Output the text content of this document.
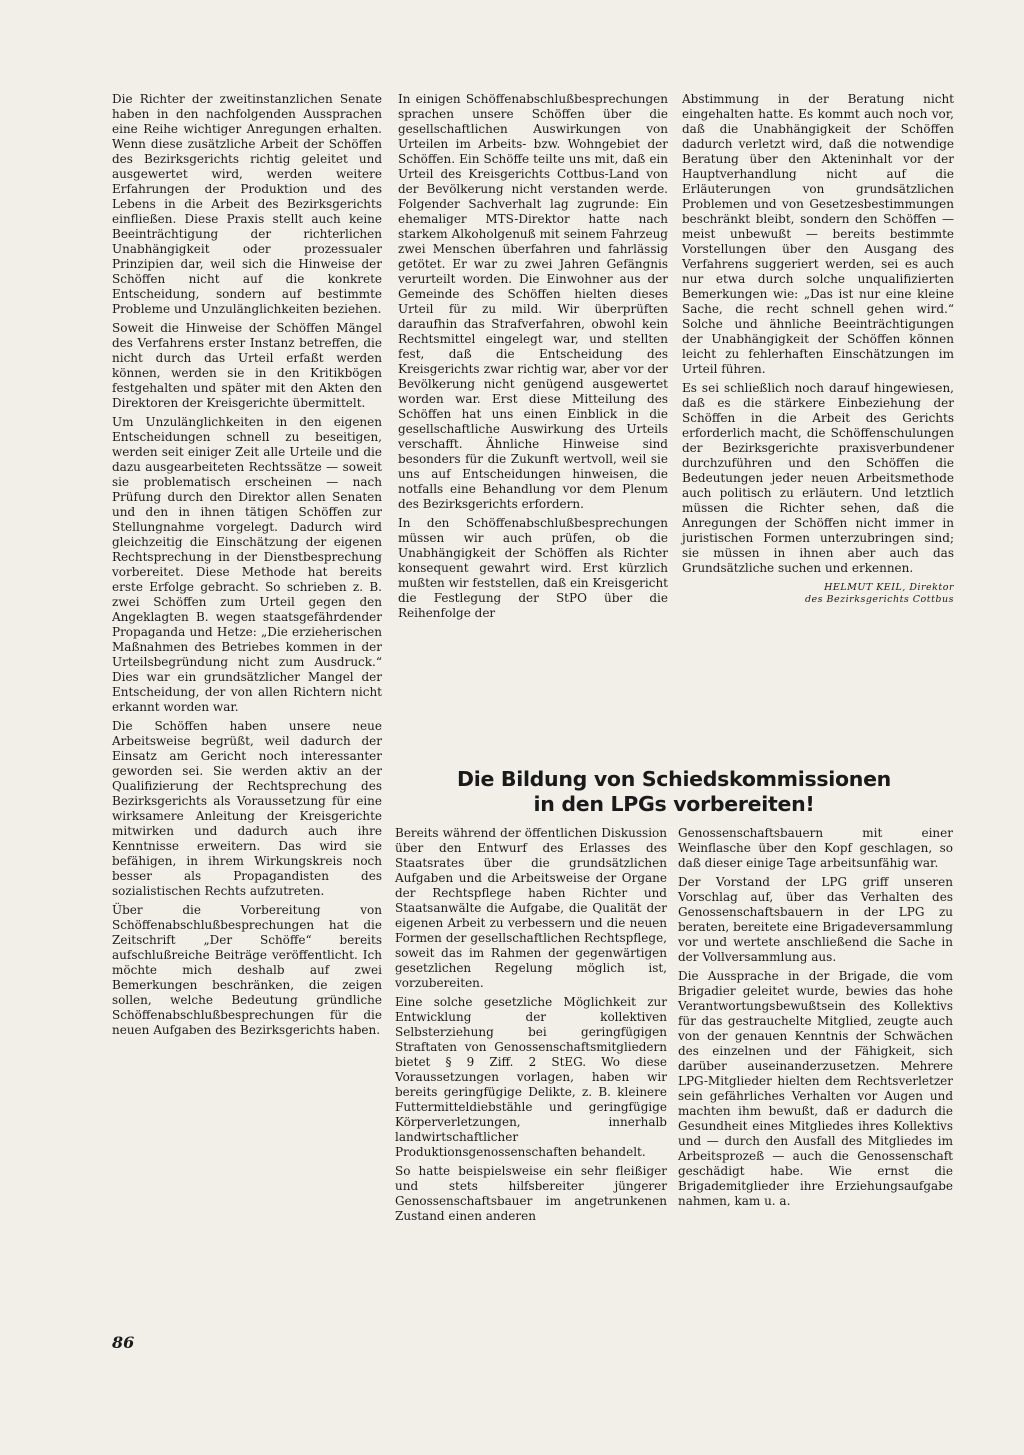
Die Richter der zweitinstanzlichen Senate haben in den nachfolgenden Aussprachen eine Reihe wichtiger Anregungen erhalten. Wenn diese zusätzliche Arbeit der Schöffen des Bezirksgerichts richtig geleitet und ausgewertet wird, werden weitere Erfahrungen der Produktion und des Lebens in die Arbeit des Bezirksgerichts einfließen. Diese Praxis stellt auch keine Beeinträchtigung der richterlichen Unabhängigkeit oder prozessualer Prinzipien dar, weil sich die Hinweise der Schöffen nicht auf die konkrete Entscheidung, sondern auf bestimmte Probleme und Unzulänglichkeiten beziehen.

Soweit die Hinweise der Schöffen Mängel des Verfahrens erster Instanz betreffen, die nicht durch das Urteil erfaßt werden können, werden sie in den Kritikbögen festgehalten und später mit den Akten den Direktoren der Kreisgerichte übermittelt.

Um Unzulänglichkeiten in den eigenen Entscheidungen schnell zu beseitigen, werden seit einiger Zeit alle Urteile und die dazu ausgearbeiteten Rechtssätze — soweit sie problematisch erscheinen — nach Prüfung durch den Direktor allen Senaten und den in ihnen tätigen Schöffen zur Stellungnahme vorgelegt. Dadurch wird gleichzeitig die Einschätzung der eigenen Rechtsprechung in der Dienstbesprechung vorbereitet. Diese Methode hat bereits erste Erfolge gebracht. So schrieben z. B. zwei Schöffen zum Urteil gegen den Angeklagten B. wegen staatsgefährdender Propaganda und Hetze: „Die erzieherischen Maßnahmen des Betriebes kommen in der Urteilsbegründung nicht zum Ausdruck.“ Dies war ein grundsätzlicher Mangel der Entscheidung, der von allen Richtern nicht erkannt worden war.

Die Schöffen haben unsere neue Arbeitsweise begrüßt, weil dadurch der Einsatz am Gericht noch interessanter geworden sei. Sie werden aktiv an der Qualifizierung der Rechtsprechung des Bezirksgerichts als Voraussetzung für eine wirksamere Anleitung der Kreisgerichte mitwirken und dadurch auch ihre Kenntnisse erweitern. Das wird sie befähigen, in ihrem Wirkungskreis noch besser als Propagandisten des sozialistischen Rechts aufzutreten.

Über die Vorbereitung von Schöffenabschlußbesprechungen hat die Zeitschrift „Der Schöffe“ bereits aufschlußreiche Beiträge veröffentlicht. Ich möchte mich deshalb auf zwei Bemerkungen beschränken, die zeigen sollen, welche Bedeutung gründliche Schöffenabschlußbesprechungen für die neuen Aufgaben des Bezirksgerichts haben.

In einigen Schöffenabschlußbesprechungen sprachen unsere Schöffen über die gesellschaftlichen Auswirkungen von Urteilen im Arbeits- bzw. Wohngebiet der Schöffen. Ein Schöffe teilte uns mit, daß ein Urteil des Kreisgerichts Cottbus-Land von der Bevölkerung nicht verstanden werde. Folgender Sachverhalt lag zugrunde: Ein ehemaliger MTS-Direktor hatte nach starkem Alkoholgenuß mit seinem Fahrzeug zwei Menschen überfahren und fahrlässig getötet. Er war zu zwei Jahren Gefängnis verurteilt worden. Die Einwohner aus der Gemeinde des Schöffen hielten dieses Urteil für zu mild. Wir überprüften daraufhin das Strafverfahren, obwohl kein Rechtsmittel eingelegt war, und stellten fest, daß die Entscheidung des Kreisgerichts zwar richtig war, aber vor der Bevölkerung nicht genügend ausgewertet worden war. Erst diese Mitteilung des Schöffen hat uns einen Einblick in die gesellschaftliche Auswirkung des Urteils verschafft. Ähnliche Hinweise sind besonders für die Zukunft wertvoll, weil sie uns auf Entscheidungen hinweisen, die notfalls eine Behandlung vor dem Plenum des Bezirksgerichts erfordern.

In den Schöffenabschlußbesprechungen müssen wir auch prüfen, ob die Unabhängigkeit der Schöffen als Richter konsequent gewahrt wird. Erst kürzlich mußten wir feststellen, daß ein Kreisgericht die Festlegung der StPO über die Reihenfolge der

Abstimmung in der Beratung nicht eingehalten hatte. Es kommt auch noch vor, daß die Unabhängigkeit der Schöffen dadurch verletzt wird, daß die notwendige Beratung über den Akteninhalt vor der Hauptverhandlung nicht auf die Erläuterungen von grundsätzlichen Problemen und von Gesetzesbestimmungen beschränkt bleibt, sondern den Schöffen — meist unbewußt — bereits bestimmte Vorstellungen über den Ausgang des Verfahrens suggeriert werden, sei es auch nur etwa durch solche unqualifizierten Bemerkungen wie: „Das ist nur eine kleine Sache, die recht schnell gehen wird.“ Solche und ähnliche Beeinträchtigungen der Unabhängigkeit der Schöffen können leicht zu fehlerhaften Einschätzungen im Urteil führen.

Es sei schließlich noch darauf hingewiesen, daß es die stärkere Einbeziehung der Schöffen in die Arbeit des Gerichts erforderlich macht, die Schöffenschulungen der Bezirksgerichte praxisverbundener durchzuführen und den Schöffen die Bedeutungen jeder neuen Arbeitsmethode auch politisch zu erläutern. Und letztlich müssen die Richter sehen, daß die Anregungen der Schöffen nicht immer in juristischen Formen unterzubringen sind; sie müssen in ihnen aber auch das Grundsätzliche suchen und erkennen.

HELMUT KEIL, Direktor
des Bezirksgerichts Cottbus
Die Bildung von Schiedskommissionen
in den LPGs vorbereiten!

Bereits während der öffentlichen Diskussion über den Entwurf des Erlasses des Staatsrates über die grundsätzlichen Aufgaben und die Arbeitsweise der Organe der Rechtspflege haben Richter und Staatsanwälte die Aufgabe, die Qualität der eigenen Arbeit zu verbessern und die neuen Formen der gesellschaftlichen Rechtspflege, soweit das im Rahmen der gegenwärtigen gesetzlichen Regelung möglich ist, vorzubereiten.

Eine solche gesetzliche Möglichkeit zur Entwicklung der kollektiven Selbsterziehung bei geringfügigen Straftaten von Genossenschaftsmitgliedern bietet § 9 Ziff. 2 StEG. Wo diese Voraussetzungen vorlagen, haben wir bereits geringfügige Delikte, z. B. kleinere Futtermitteldiebstähle und geringfügige Körperverletzungen, innerhalb landwirtschaftlicher Produktionsgenossenschaften behandelt.

So hatte beispielsweise ein sehr fleißiger und stets hilfsbereiter jüngerer Genossenschaftsbauer im angetrunkenen Zustand einen anderen

Genossenschaftsbauern mit einer Weinflasche über den Kopf geschlagen, so daß dieser einige Tage arbeitsunfähig war.

Der Vorstand der LPG griff unseren Vorschlag auf, über das Verhalten des Genossenschaftsbauern in der LPG zu beraten, bereitete eine Brigadeversammlung vor und wertete anschließend die Sache in der Vollversammlung aus.

Die Aussprache in der Brigade, die vom Brigadier geleitet wurde, bewies das hohe Verantwortungsbewußtsein des Kollektivs für das gestrauchelte Mitglied, zeugte auch von der genauen Kenntnis der Schwächen des einzelnen und der Fähigkeit, sich darüber auseinanderzusetzen. Mehrere LPG-Mitglieder hielten dem Rechtsverletzer sein gefährliches Verhalten vor Augen und machten ihm bewußt, daß er dadurch die Gesundheit eines Mitgliedes ihres Kollektivs und — durch den Ausfall des Mitgliedes im Arbeitsprozeß — auch die Genossenschaft geschädigt habe. Wie ernst die Brigademitglieder ihre Erziehungsaufgabe nahmen, kam u. a.

86
